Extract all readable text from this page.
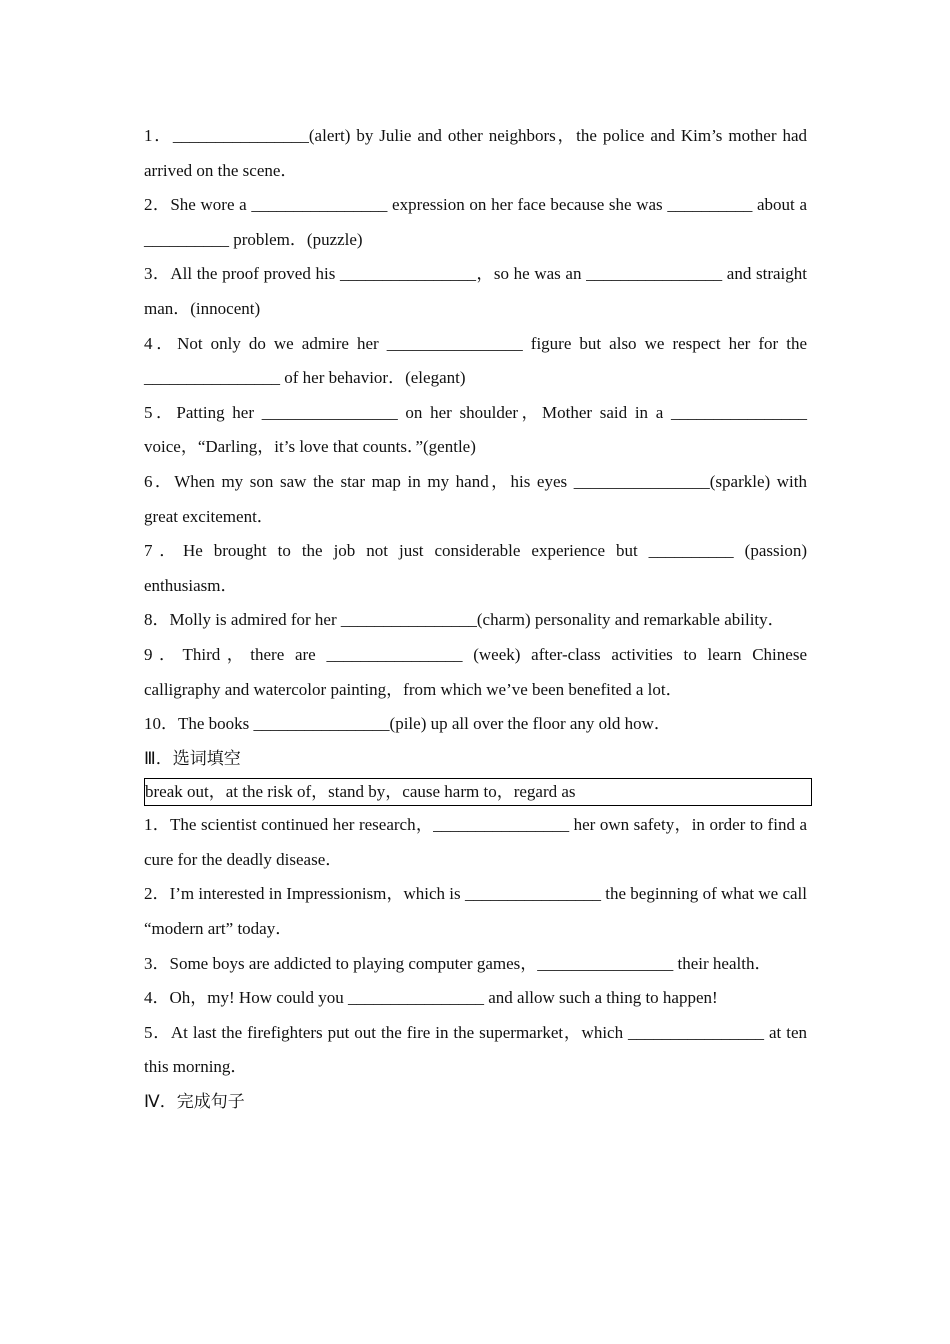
1．________________(alert) by Julie and other neighbors，the police and Kim’s mother had arrived on the scene．

2．She wore a ________________ expression on her face because she was __________ about a __________ problem．(puzzle)

3．All the proof proved his ________________，so he was an ________________ and straight man．(innocent)

4．Not only do we admire her ________________ figure but also we respect her for the ________________ of her behavior．(elegant)

5．Patting her ________________ on her shoulder，Mother said in a ________________ voice，“Darling，it’s love that counts．”(gentle)

6．When my son saw the star map in my hand，his eyes ________________(sparkle) with great excitement．

7．He brought to the job not just considerable experience but __________ (passion) enthusiasm．

8．Molly is admired for her ________________(charm) personality and remarkable ability．

9．Third，there are ________________ (week) after-class activities to learn Chinese calligraphy and watercolor painting，from which we’ve been benefited a lot．

10．The books ________________(pile) up all over the floor any old how．

Ⅲ．选词填空

break out，at the risk of，stand by，cause harm to，regard as

1．The scientist continued her research，________________ her own safety，in order to find a cure for the deadly disease．

2．I’m interested in Impressionism，which is ________________ the beginning of what we call “modern art” today．

3．Some boys are addicted to playing computer games，________________ their health．

4．Oh，my! How could you ________________ and allow such a thing to happen!

5．At last the firefighters put out the fire in the supermarket，which ________________ at ten this morning．

Ⅳ．完成句子
